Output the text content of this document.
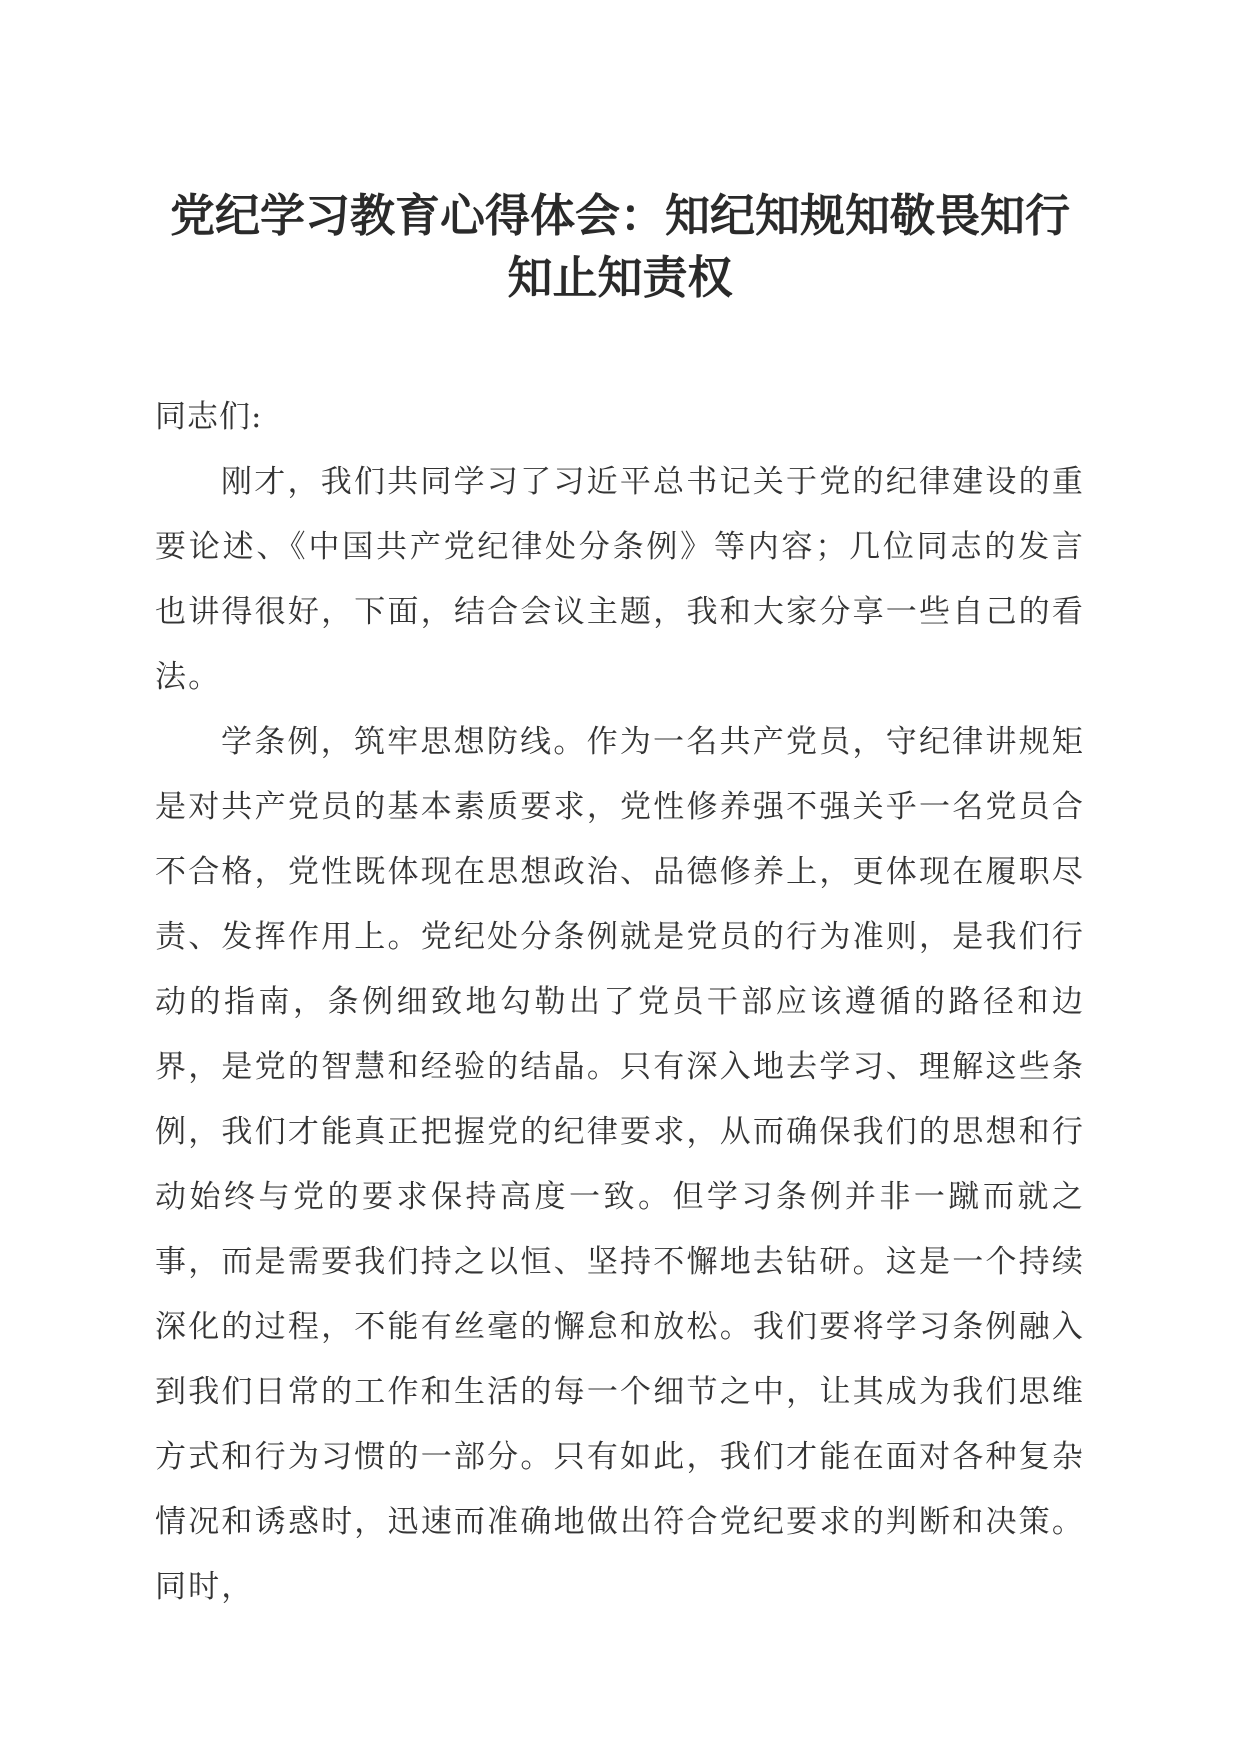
党纪学习教育心得体会：知纪知规知敬畏知行知止知责权

同志们:

刚才，我们共同学习了习近平总书记关于党的纪律建设的重要论述、《中国共产党纪律处分条例》等内容；几位同志的发言也讲得很好，下面，结合会议主题，我和大家分享一些自己的看法。

学条例，筑牢思想防线。作为一名共产党员，守纪律讲规矩是对共产党员的基本素质要求，党性修养强不强关乎一名党员合不合格，党性既体现在思想政治、品德修养上，更体现在履职尽责、发挥作用上。党纪处分条例就是党员的行为准则，是我们行动的指南，条例细致地勾勒出了党员干部应该遵循的路径和边界，是党的智慧和经验的结晶。只有深入地去学习、理解这些条例，我们才能真正把握党的纪律要求，从而确保我们的思想和行动始终与党的要求保持高度一致。但学习条例并非一蹴而就之事，而是需要我们持之以恒、坚持不懈地去钻研。这是一个持续深化的过程，不能有丝毫的懈怠和放松。我们要将学习条例融入到我们日常的工作和生活的每一个细节之中，让其成为我们思维方式和行为习惯的一部分。只有如此，我们才能在面对各种复杂情况和诱惑时，迅速而准确地做出符合党纪要求的判断和决策。同时，
